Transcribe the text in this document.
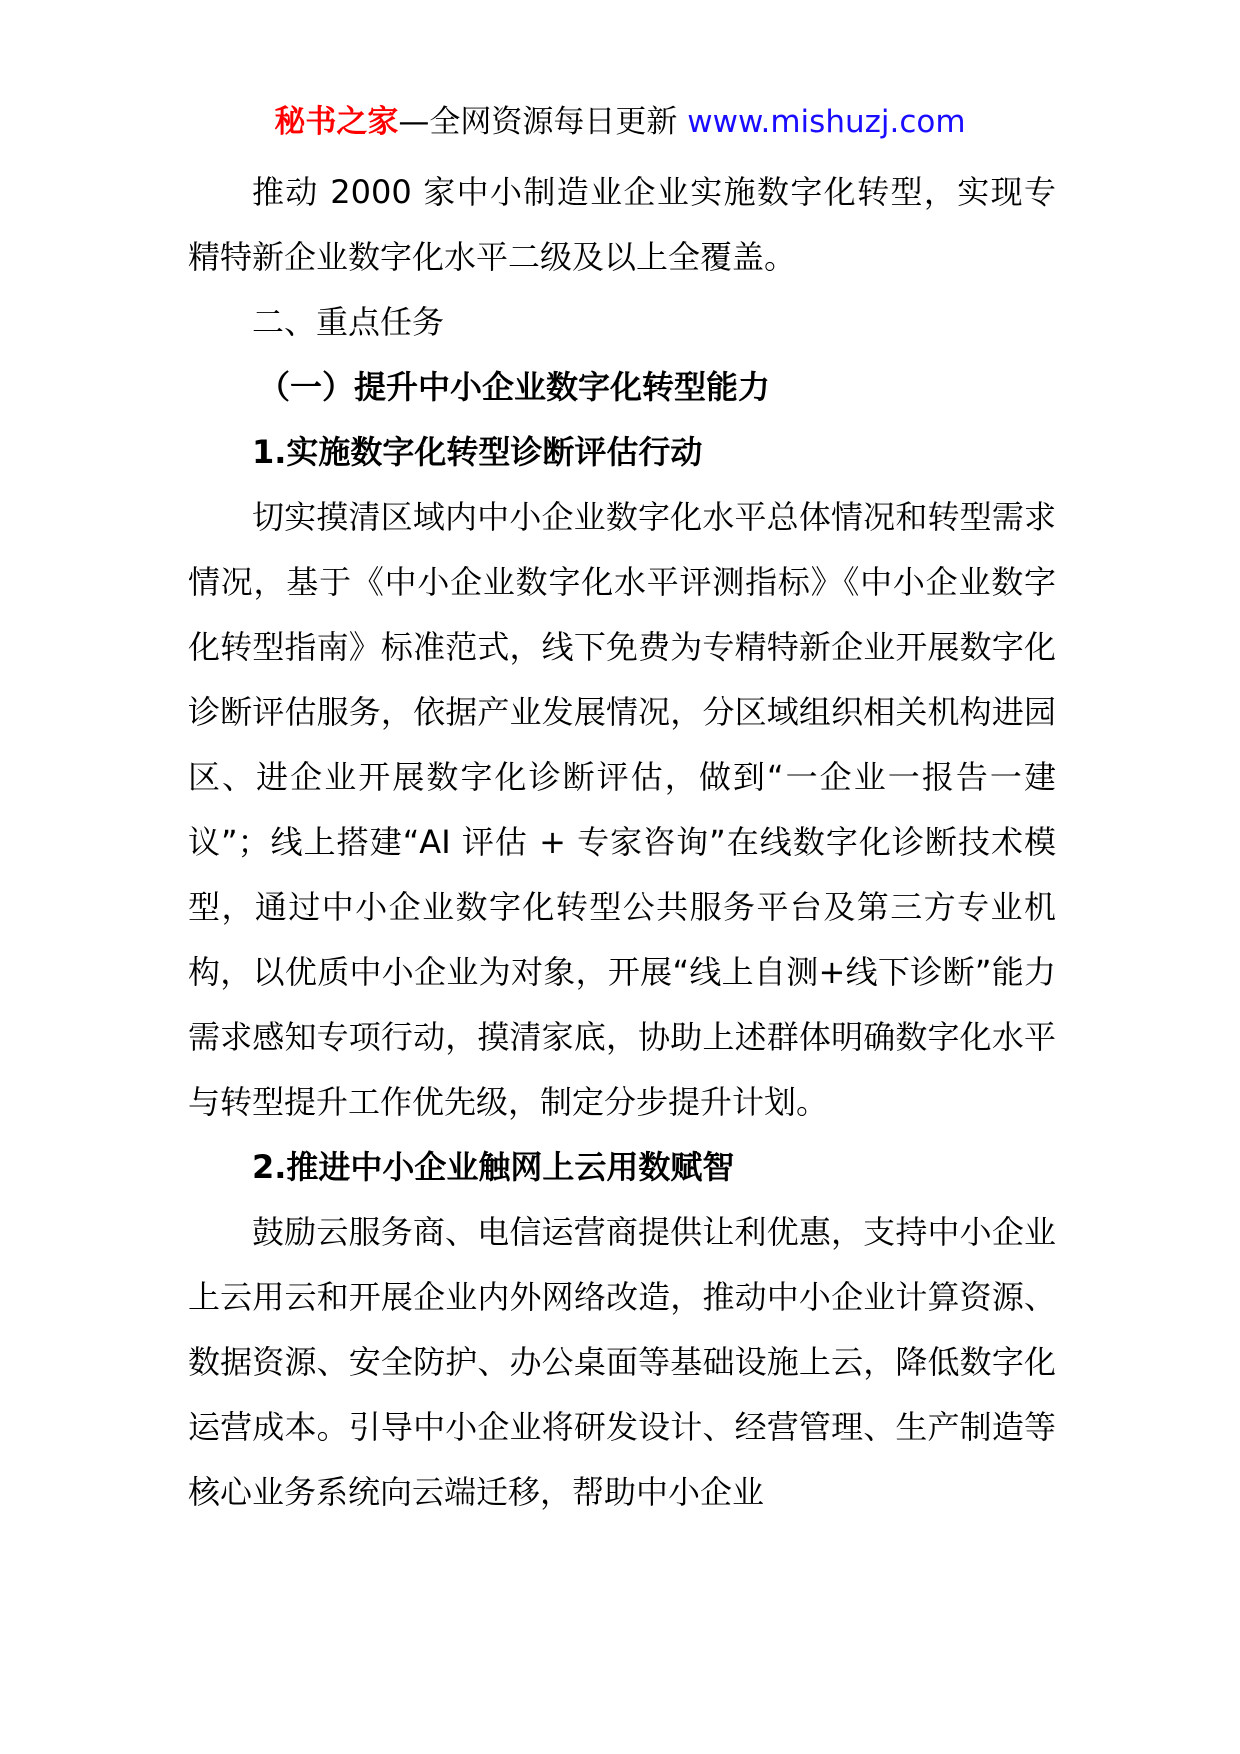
秘书之家—全网资源每日更新 www.mishuzj.com

推动 2000 家中小制造业企业实施数字化转型，实现专精特新企业数字化水平二级及以上全覆盖。

二、重点任务

（一）提升中小企业数字化转型能力

1.实施数字化转型诊断评估行动

切实摸清区域内中小企业数字化水平总体情况和转型需求情况，基于《中小企业数字化水平评测指标》《中小企业数字化转型指南》标准范式，线下免费为专精特新企业开展数字化诊断评估服务，依据产业发展情况，分区域组织相关机构进园区、进企业开展数字化诊断评估，做到“一企业一报告一建议”；线上搭建“AI 评估 + 专家咨询”在线数字化诊断技术模型，通过中小企业数字化转型公共服务平台及第三方专业机构，以优质中小企业为对象，开展“线上自测+线下诊断”能力需求感知专项行动，摸清家底，协助上述群体明确数字化水平与转型提升工作优先级，制定分步提升计划。

2.推进中小企业触网上云用数赋智

鼓励云服务商、电信运营商提供让利优惠，支持中小企业上云用云和开展企业内外网络改造，推动中小企业计算资源、数据资源、安全防护、办公桌面等基础设施上云，降低数字化运营成本。引导中小企业将研发设计、经营管理、生产制造等核心业务系统向云端迁移，帮助中小企业
